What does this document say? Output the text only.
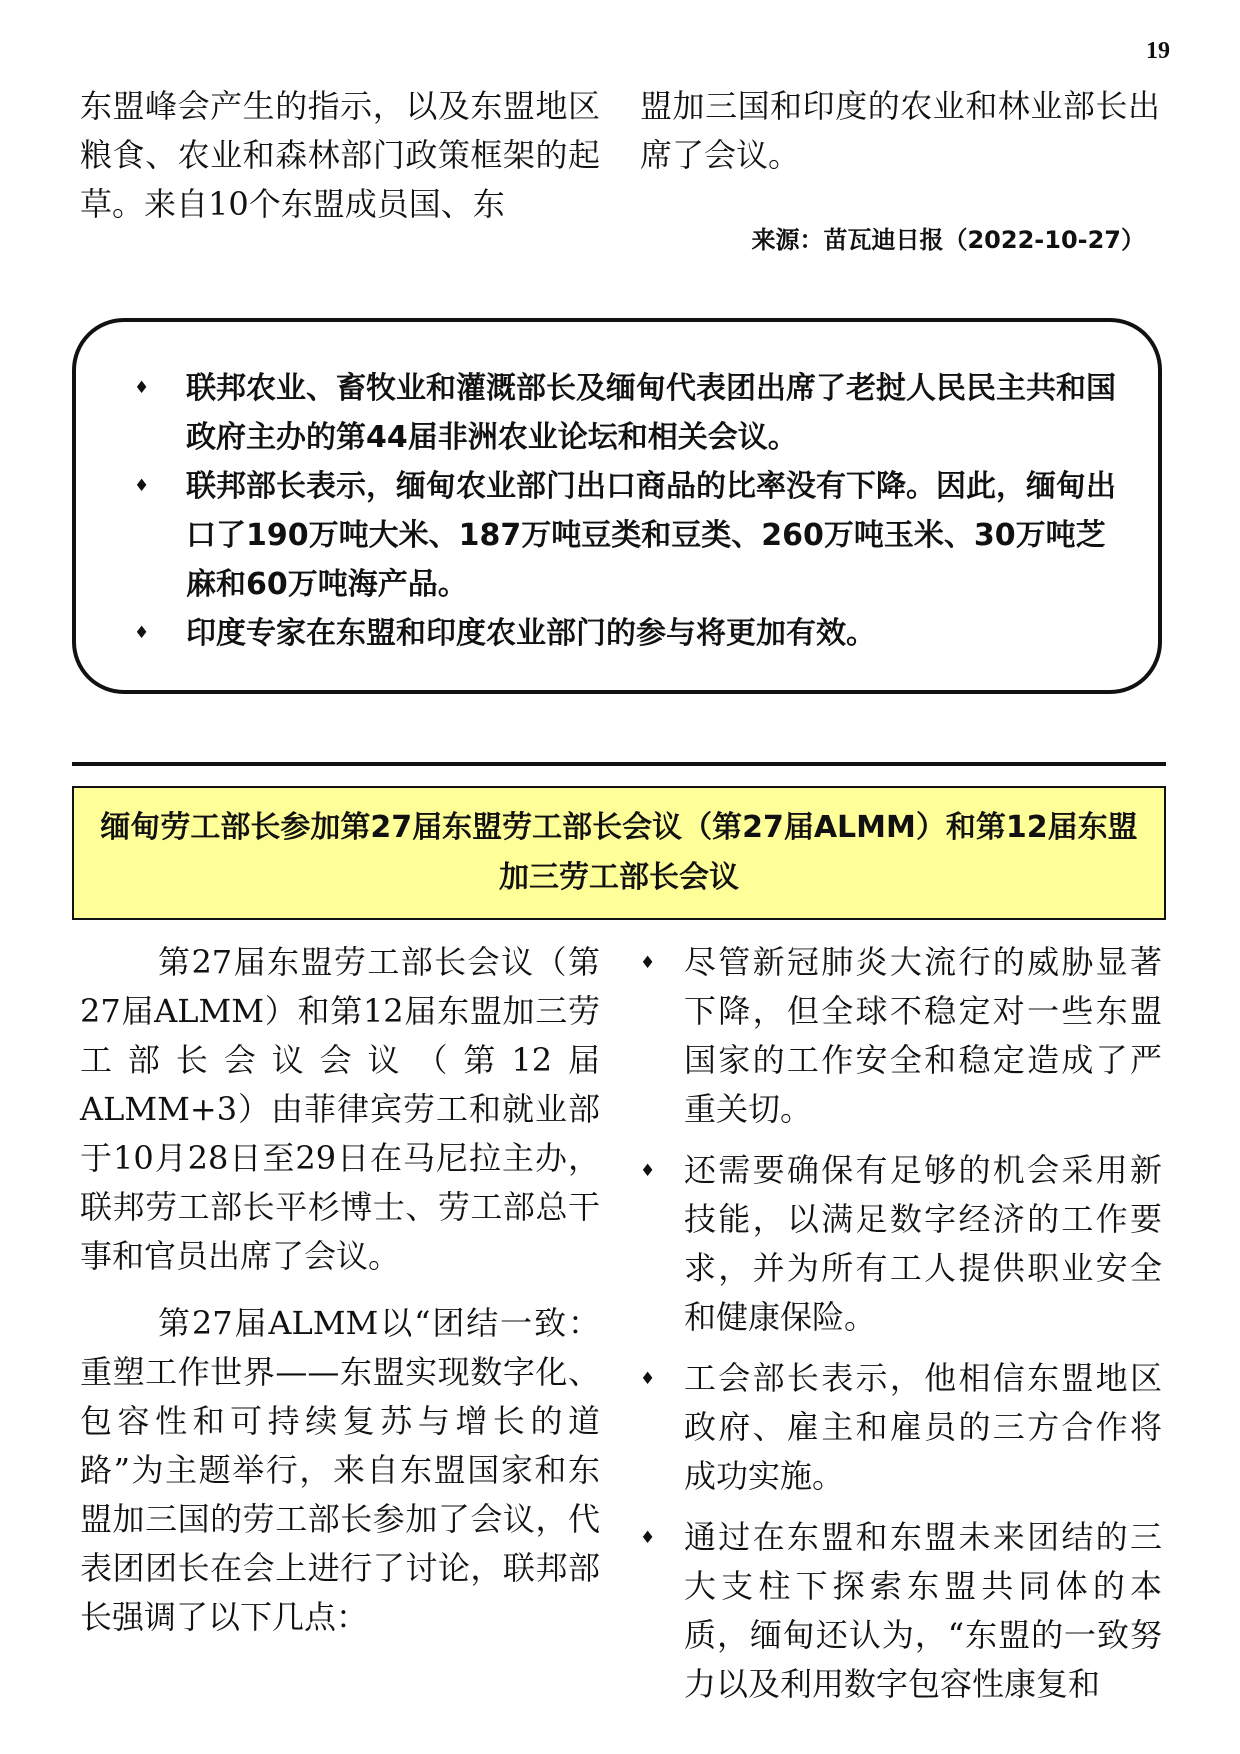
19

东盟峰会产生的指示，以及东盟地区粮食、农业和森林部门政策框架的起草。来自10个东盟成员国、东

盟加三国和印度的农业和林业部长出席了会议。

来源：苗瓦迪日报（2022-10-27）
♦ 联邦农业、畜牧业和灌溉部长及缅甸代表团出席了老挝人民民主共和国政府主办的第44届非洲农业论坛和相关会议。
♦ 联邦部长表示，缅甸农业部门出口商品的比率没有下降。因此，缅甸出口了190万吨大米、187万吨豆类和豆类、260万吨玉米、30万吨芝麻和60万吨海产品。
♦ 印度专家在东盟和印度农业部门的参与将更加有效。
缅甸劳工部长参加第27届东盟劳工部长会议（第27届ALMM）和第12届东盟加三劳工部长会议

第27届东盟劳工部长会议（第27届ALMM）和第12届东盟加三劳工部长会议会议（第12届ALMM+3）由菲律宾劳工和就业部于10月28日至29日在马尼拉主办，联邦劳工部长平杉博士、劳工部总干事和官员出席了会议。

第27届ALMM以“团结一致：重塑工作世界——东盟实现数字化、包容性和可持续复苏与增长的道路”为主题举行，来自东盟国家和东盟加三国的劳工部长参加了会议，代表团团长在会上进行了讨论，联邦部长强调了以下几点：

♦ 尽管新冠肺炎大流行的威胁显著下降，但全球不稳定对一些东盟国家的工作安全和稳定造成了严重关切。
♦ 还需要确保有足够的机会采用新技能，以满足数字经济的工作要求，并为所有工人提供职业安全和健康保险。
♦ 工会部长表示，他相信东盟地区政府、雇主和雇员的三方合作将成功实施。
♦ 通过在东盟和东盟未来团结的三大支柱下探索东盟共同体的本质，缅甸还认为，“东盟的一致努力以及利用数字包容性康复和
